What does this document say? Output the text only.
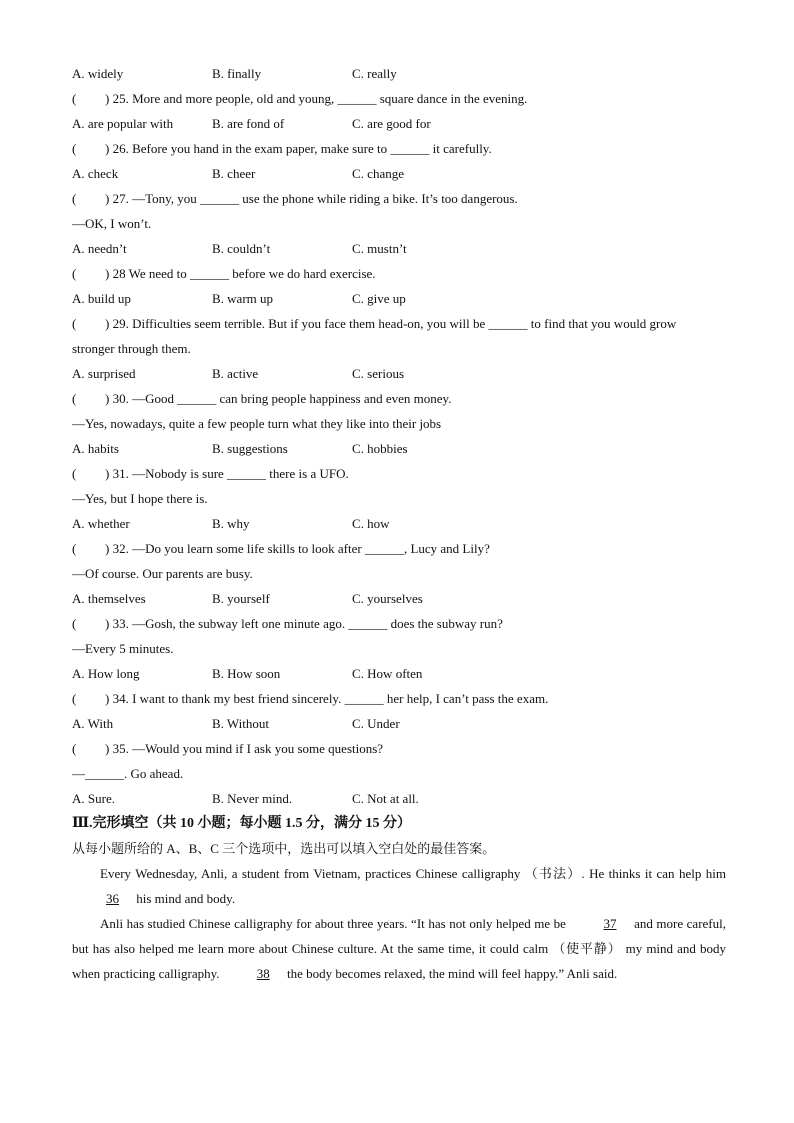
A. widely	B. finally	C. really
( ) 25. More and more people, old and young, ______ square dance in the evening.
A. are popular with	B. are fond of	C. are good for
( ) 26. Before you hand in the exam paper, make sure to ______ it carefully.
A. check	B. cheer	C. change
( ) 27. —Tony, you ______ use the phone while riding a bike. It’s too dangerous.
—OK, I won’t.
A. needn’t	B. couldn’t	C. mustn’t
( ) 28 We need to ______ before we do hard exercise.
A. build up	B. warm up	C. give up
( ) 29. Difficulties seem terrible. But if you face them head-on, you will be ______ to find that you would grow
stronger through them.
A. surprised	B. active	C. serious
( ) 30. —Good ______ can bring people happiness and even money.
—Yes, nowadays, quite a few people turn what they like into their jobs
A. habits	B. suggestions	C. hobbies
( ) 31. —Nobody is sure ______ there is a UFO.
—Yes, but I hope there is.
A. whether	B. why	C. how
( ) 32. —Do you learn some life skills to look after ______, Lucy and Lily?
—Of course. Our parents are busy.
A. themselves	B. yourself	C. yourselves
( ) 33. —Gosh, the subway left one minute ago. ______ does the subway run?
—Every 5 minutes.
A. How long	B. How soon	C. How often
( ) 34. I want to thank my best friend sincerely. ______ her help, I can’t pass the exam.
A. With	B. Without	C. Under
( ) 35. —Would you mind if I ask you some questions?
—______. Go ahead.
A. Sure.	B. Never mind.	C. Not at all.
Ⅲ.完形填空（共 10 小题；每小题 1.5 分，满分 15 分）
从每小题所给的 A、B、C 三个选项中，选出可以填入空白处的最佳答案。
Every Wednesday, Anli, a student from Vietnam, practices Chinese calligraphy （书法）. He thinks it can help him 36 his mind and body.
Anli has studied Chinese calligraphy for about three years. “It has not only helped me be	37 and more careful, but has also helped me learn more about Chinese culture. At the same time, it could calm （使平静） my mind and body when practicing calligraphy.	38 the body becomes relaxed, the mind will feel happy.” Anli said.
